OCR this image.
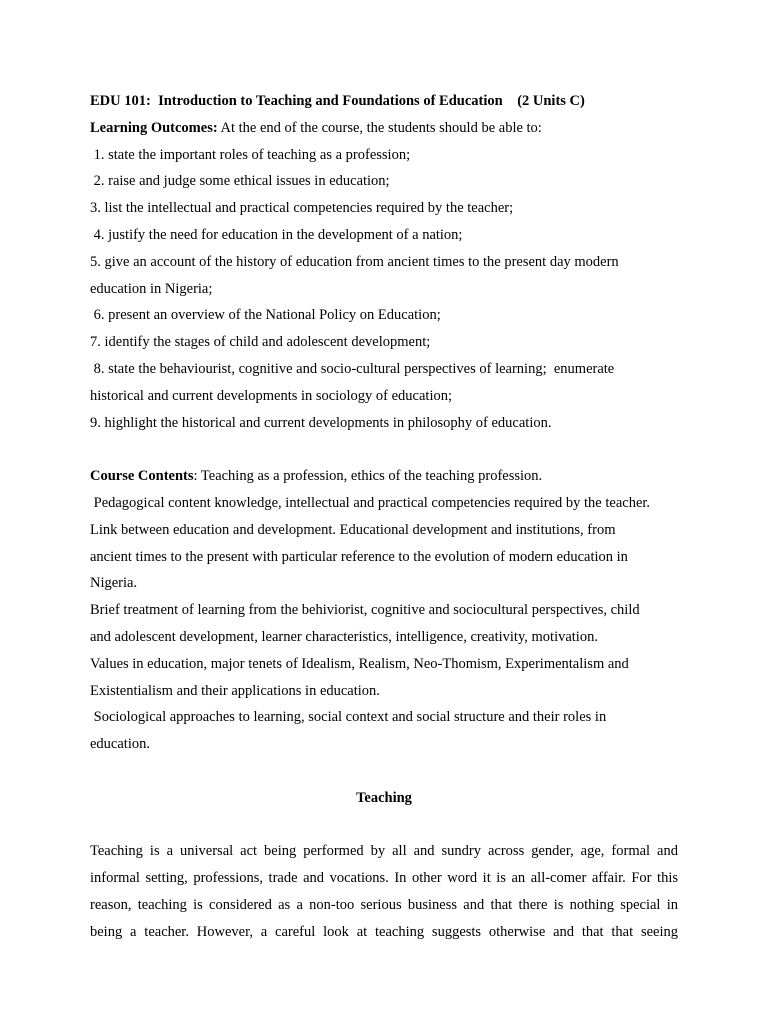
EDU 101: Introduction to Teaching and Foundations of Education (2 Units C)

Learning Outcomes: At the end of the course, the students should be able to:

1. state the important roles of teaching as a profession;

2. raise and judge some ethical issues in education;

3. list the intellectual and practical competencies required by the teacher;

4. justify the need for education in the development of a nation;

5. give an account of the history of education from ancient times to the present day modern

education in Nigeria;

6. present an overview of the National Policy on Education;

7. identify the stages of child and adolescent development;

8. state the behaviourist, cognitive and socio-cultural perspectives of learning;  enumerate

historical and current developments in sociology of education;

9. highlight the historical and current developments in philosophy of education.

Course Contents: Teaching as a profession, ethics of the teaching profession.

Pedagogical content knowledge, intellectual and practical competencies required by the teacher.

Link between education and development. Educational development and institutions, from

ancient times to the present with particular reference to the evolution of modern education in

Nigeria.

Brief treatment of learning from the behiviorist, cognitive and sociocultural perspectives, child

and adolescent development, learner characteristics, intelligence, creativity, motivation.

Values in education, major tenets of Idealism, Realism, Neo-Thomism, Experimentalism and

Existentialism and their applications in education.

Sociological approaches to learning, social context and social structure and their roles in

education.

Teaching

Teaching is a universal act being performed by all and sundry across gender, age, formal and

informal setting, professions, trade and vocations. In other word it is an all-comer affair. For this

reason, teaching is considered as a non-too serious business and that there is nothing special in

being a teacher. However, a careful look at teaching suggests otherwise and that that seeing
